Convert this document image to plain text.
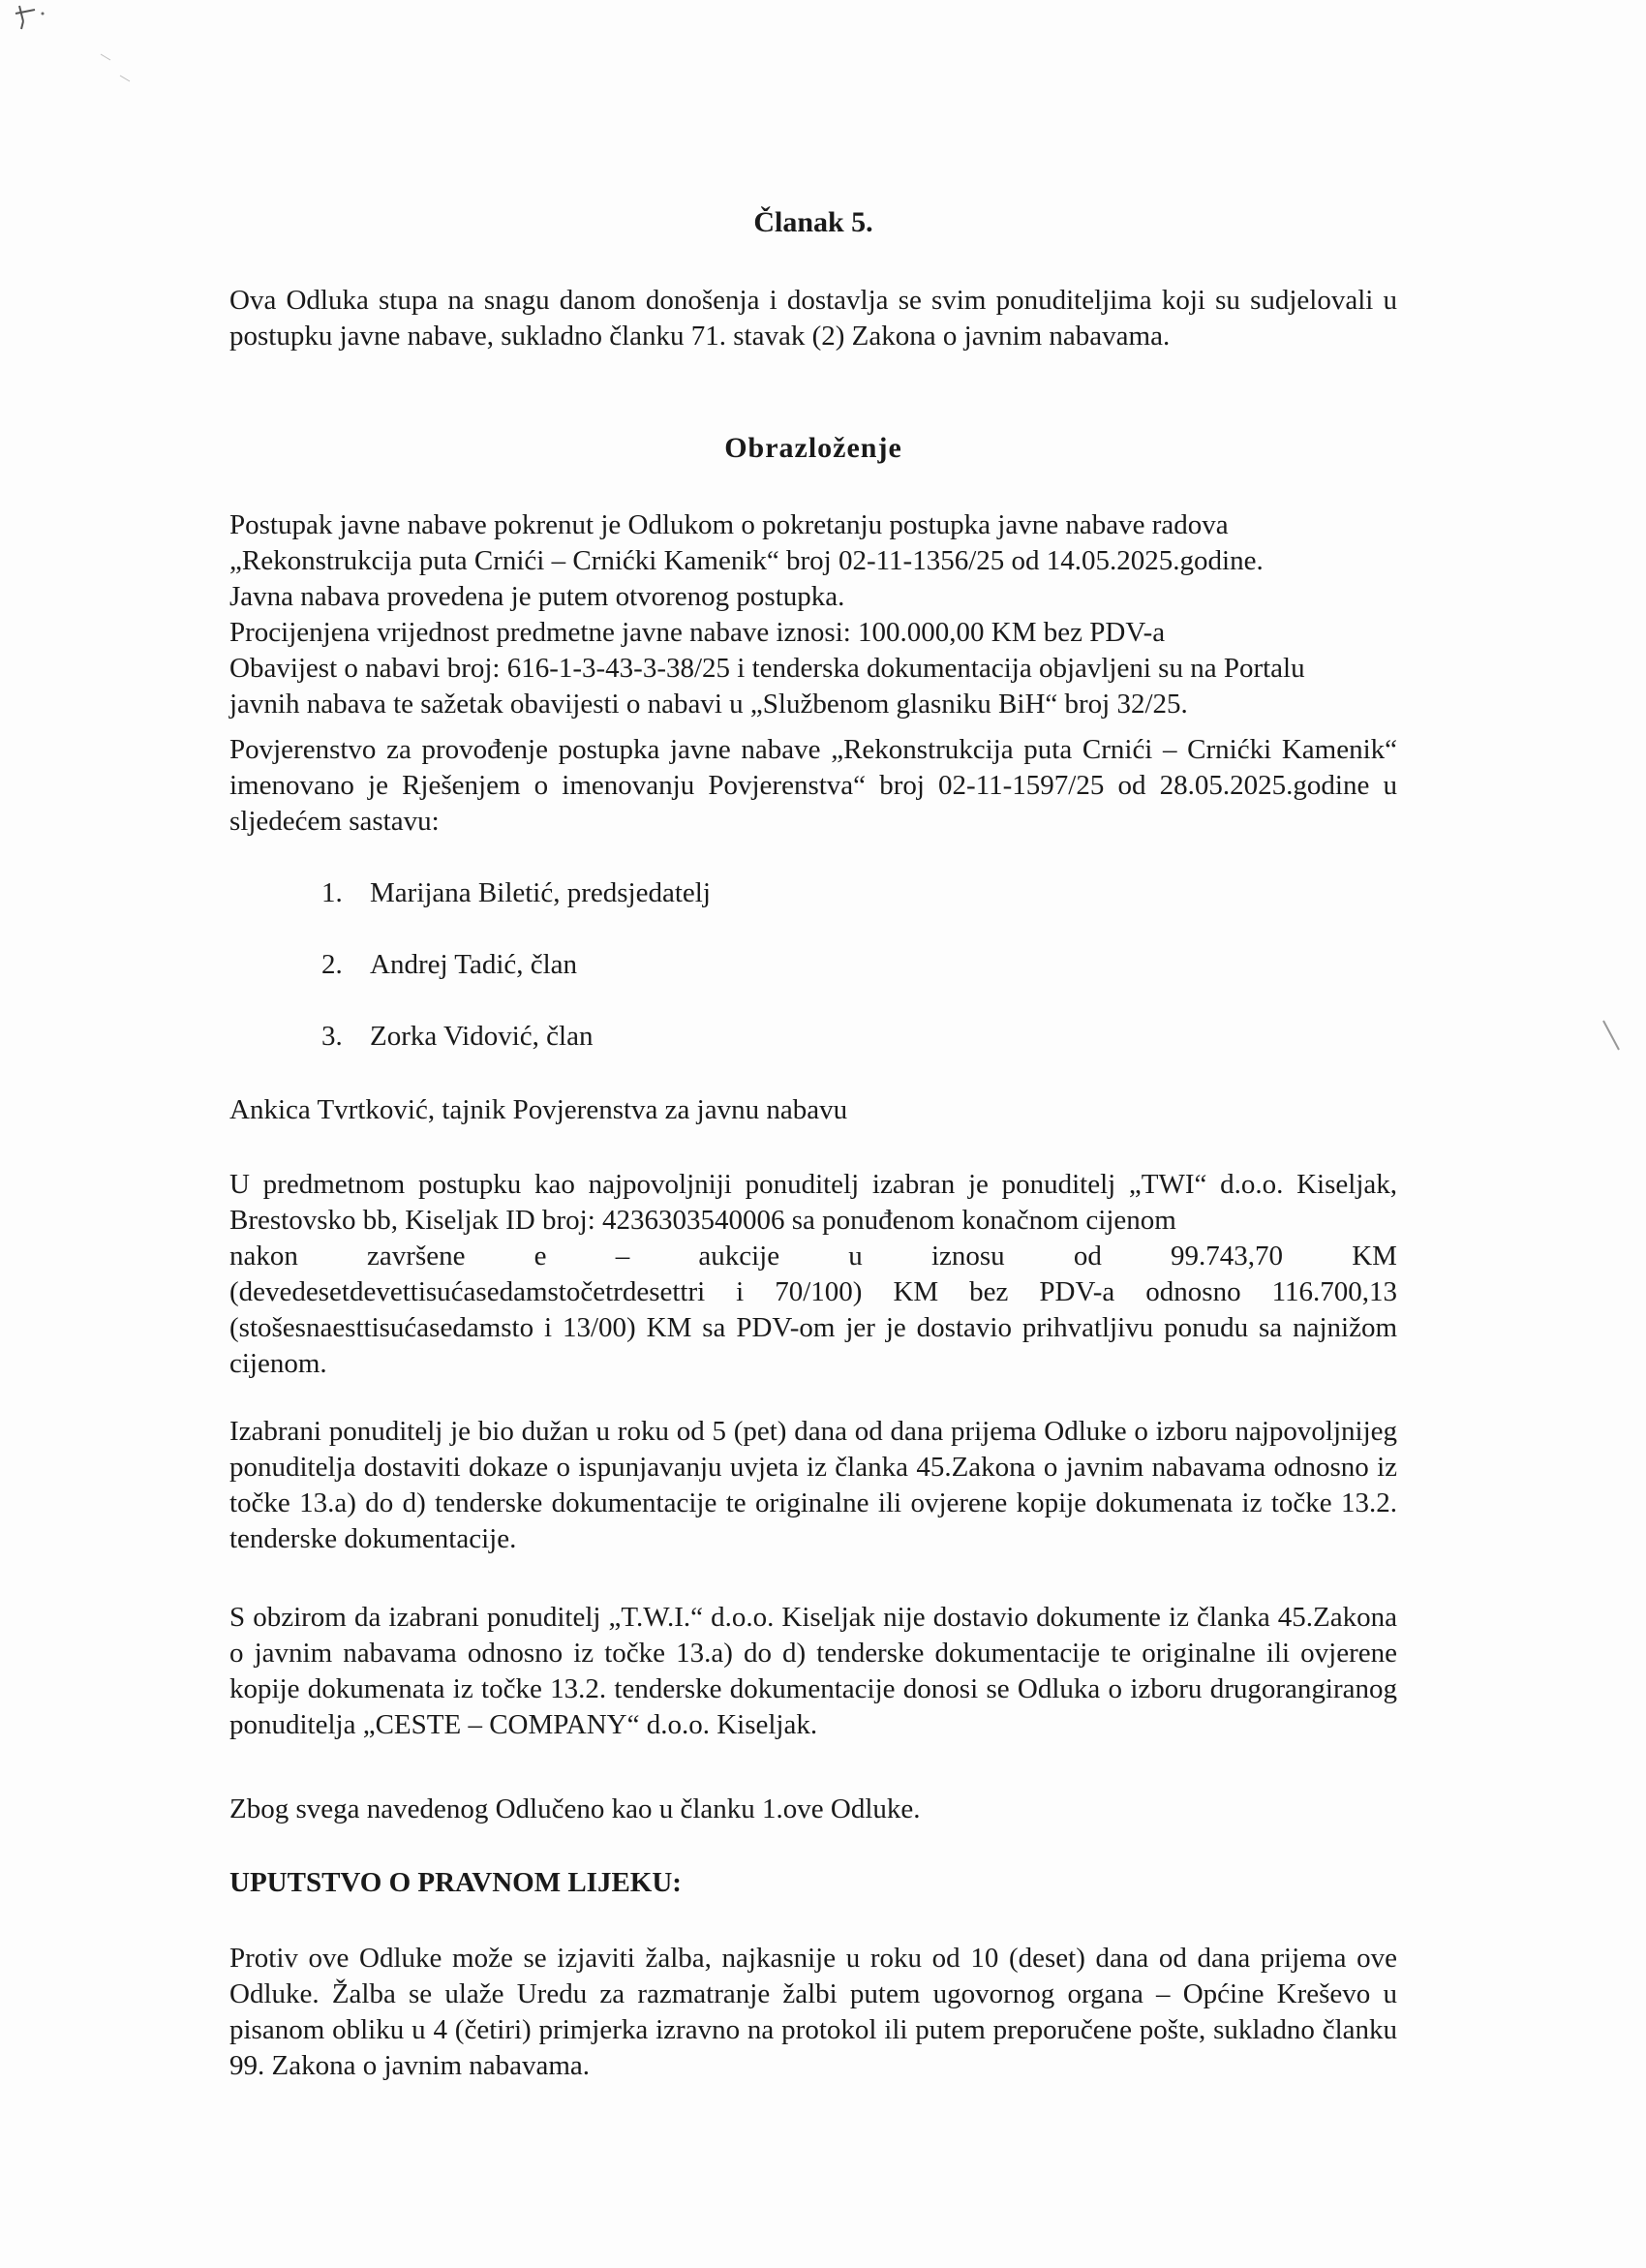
Članak 5.

Ova Odluka stupa na snagu danom donošenja i dostavlja se svim ponuditeljima koji su sudjelovali u postupku javne nabave, sukladno članku 71. stavak (2) Zakona o javnim nabavama.

Obrazloženje
Postupak javne nabave pokrenut je Odlukom o pokretanju postupka javne nabave radova
„Rekonstrukcija puta Crnići – Crnićki Kamenik“ broj 02-11-1356/25 od 14.05.2025.godine.
Javna nabava provedena je putem otvorenog postupka.
Procijenjena vrijednost predmetne javne nabave iznosi: 100.000,00 KM bez PDV-a
Obavijest o nabavi broj: 616-1-3-43-3-38/25 i tenderska dokumentacija objavljeni su na Portalu
javnih nabava te sažetak obavijesti o nabavi u „Službenom glasniku BiH“ broj 32/25.

Povjerenstvo za provođenje postupka javne nabave „Rekonstrukcija puta Crnići – Crnićki Kamenik“ imenovano je Rješenjem o imenovanju Povjerenstva“ broj 02-11-1597/25 od 28.05.2025.godine u sljedećem sastavu:

1. Marijana Biletić, predsjedatelj
2. Andrej Tadić, član
3. Zorka Vidović, član

Ankica Tvrtković, tajnik Povjerenstva za javnu nabavu

U predmetnom postupku kao najpovoljniji ponuditelj izabran je ponuditelj „TWI“ d.o.o. Kiseljak, Brestovsko bb, Kiseljak ID broj: 4236303540006 sa ponuđenom konačnom cijenom

nakon završene e – aukcije u iznosu od 99.743,70 KM

(devedesetdevettisućasedamstočetrdesettri i 70/100) KM bez PDV-a odnosno 116.700,13 (stošesnaesttisućasedamsto i 13/00) KM sa PDV-om jer je dostavio prihvatljivu ponudu sa najnižom cijenom.

Izabrani ponuditelj je bio dužan u roku od 5 (pet) dana od dana prijema Odluke o izboru najpovoljnijeg ponuditelja dostaviti dokaze o ispunjavanju uvjeta iz članka 45.Zakona o javnim nabavama odnosno iz točke 13.a) do d) tenderske dokumentacije te originalne ili ovjerene kopije dokumenata iz točke 13.2. tenderske dokumentacije.

S obzirom da izabrani ponuditelj „T.W.I.“ d.o.o. Kiseljak nije dostavio dokumente iz članka 45.Zakona o javnim nabavama odnosno iz točke 13.a) do d) tenderske dokumentacije te originalne ili ovjerene kopije dokumenata iz točke 13.2. tenderske dokumentacije donosi se Odluka o izboru drugorangiranog ponuditelja „CESTE – COMPANY“ d.o.o. Kiseljak.

Zbog svega navedenog Odlučeno kao u članku 1.ove Odluke.

UPUTSTVO O PRAVNOM LIJEKU:

Protiv ove Odluke može se izjaviti žalba, najkasnije u roku od 10 (deset) dana od dana prijema ove Odluke. Žalba se ulaže Uredu za razmatranje žalbi putem ugovornog organa – Općine Kreševo u pisanom obliku u 4 (četiri) primjerka izravno na protokol ili putem preporučene pošte, sukladno članku 99. Zakona o javnim nabavama.
